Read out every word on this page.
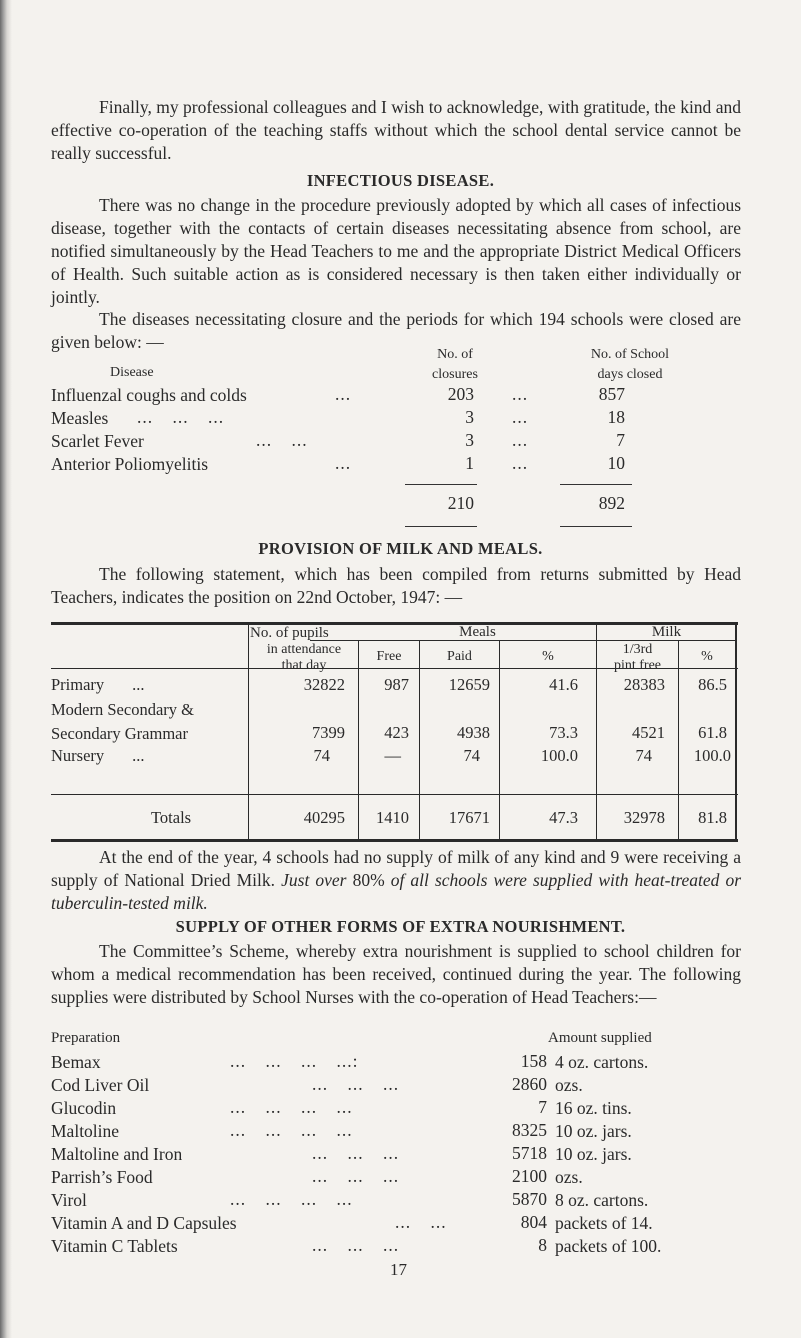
Finally, my professional colleagues and I wish to acknowledge, with gratitude, the kind and effective co-operation of the teaching staffs without which the school dental service cannot be really successful.

INFECTIOUS DISEASE.

There was no change in the procedure previously adopted by which all cases of infectious disease, together with the contacts of certain diseases necessitating absence from school, are notified simultaneously by the Head Teachers to me and the appropriate District Medical Officers of Health. Such suitable action as is considered necessary is then taken either individually or jointly.

The diseases necessitating closure and the periods for which 194 schools were closed are given below: —

Disease
No. of
closures
No. of School
days closed
Influenzal coughs and colds	...	203 ...	857
Measles ... ... ...	3 ...	18
Scarlet Fever	... ...	3 ...	7
Anterior Poliomyelitis	...	1 ...	10
210	892

PROVISION OF MILK AND MEALS.

The following statement, which has been compiled from returns submitted by Head Teachers, indicates the position on 22nd October, 1947: —

No. of pupils
in attendance
that day
Meals	Milk
Free	Paid	%	1/3rd
pint free
%
Primary ...	32822	987	12659	41.6	28383	86.5
Modern Secondary &
Secondary Grammar	7399	423	4938	73.3	4521	61.8
Nursery ...	74	—	74	100.0	74	100.0
Totals	40295	1410	17671	47.3	32978	81.8

At the end of the year, 4 schools had no supply of milk of any kind and 9 were receiving a supply of National Dried Milk. Just over 80% of all schools were supplied with heat-treated or tuberculin-tested milk.

SUPPLY OF OTHER FORMS OF EXTRA NOURISHMENT.

The Committee’s Scheme, whereby extra nourishment is supplied to school children for whom a medical recommendation has been received, continued during the year. The following supplies were distributed by School Nurses with the co-operation of Head Teachers:—

Preparation	Amount supplied
Bemax	... ... ... ...:	158 4 oz. cartons.
Cod Liver Oil	... ... ...	2860 ozs.
Glucodin	... ... ... ...	7 16 oz. tins.
Maltoline	... ... ... ...	8325 10 oz. jars.
Maltoline and Iron	... ... ...	5718 10 oz. jars.
Parrish’s Food	... ... ...	2100 ozs.
Virol	... ... ... ...	5870 8 oz. cartons.
Vitamin A and D Capsules	... ...	804 packets of 14.
Vitamin C Tablets	... ... ...	8 packets of 100.
17
